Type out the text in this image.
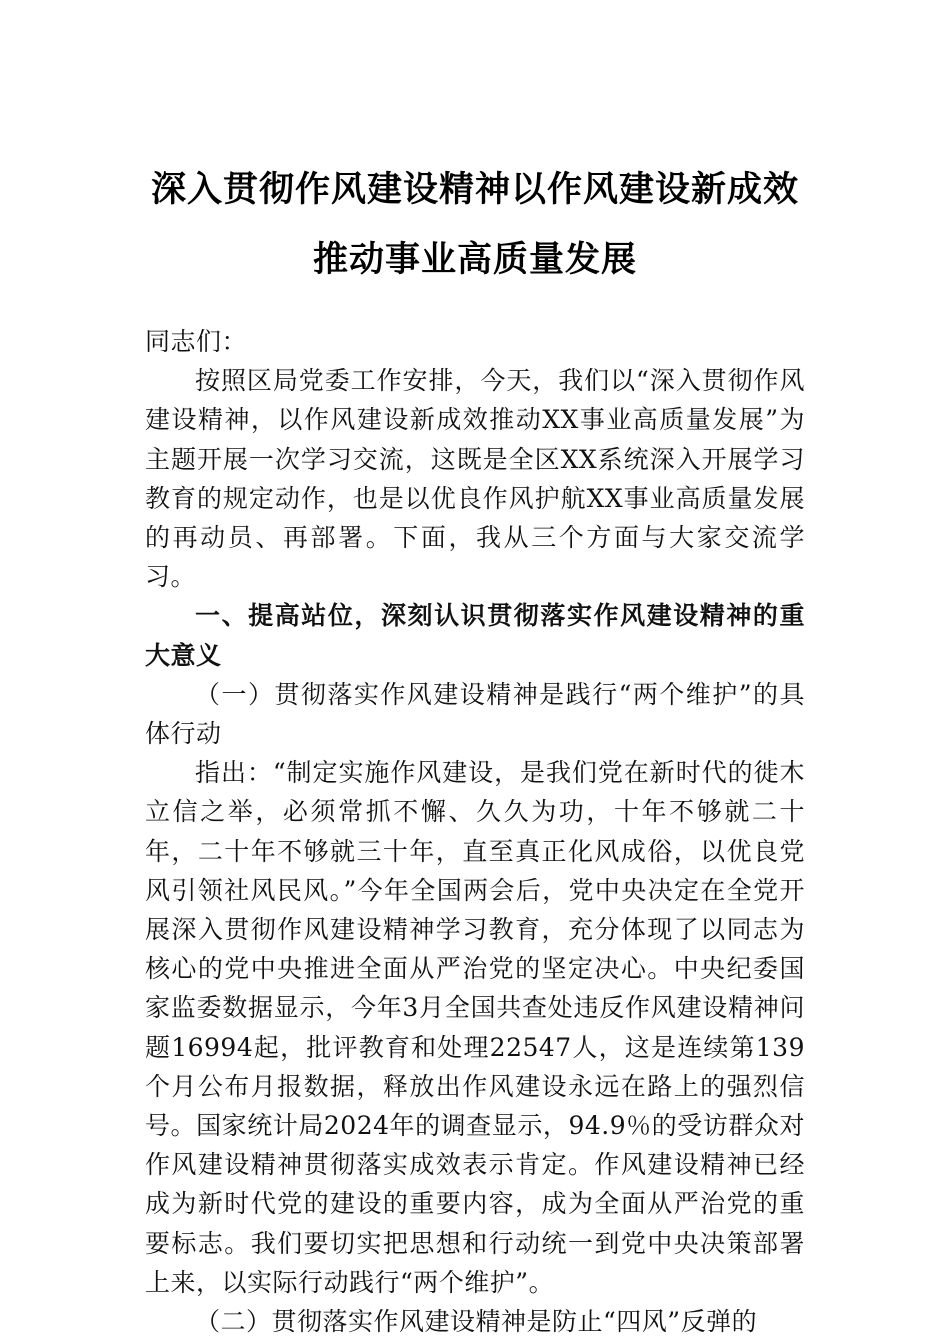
深入贯彻作风建设精神以作风建设新成效
推动事业高质量发展

同志们：

按照区局党委工作安排，今天，我们以“深入贯彻作风建设精神，以作风建设新成效推动XX事业高质量发展”为主题开展一次学习交流，这既是全区XX系统深入开展学习教育的规定动作，也是以优良作风护航XX事业高质量发展的再动员、再部署。下面，我从三个方面与大家交流学习。

一、提高站位，深刻认识贯彻落实作风建设精神的重大意义

（一）贯彻落实作风建设精神是践行“两个维护”的具体行动

指出：“制定实施作风建设，是我们党在新时代的徙木立信之举，必须常抓不懈、久久为功，十年不够就二十年，二十年不够就三十年，直至真正化风成俗，以优良党风引领社风民风。”今年全国两会后，党中央决定在全党开展深入贯彻作风建设精神学习教育，充分体现了以同志为核心的党中央推进全面从严治党的坚定决心。中央纪委国家监委数据显示，今年3月全国共查处违反作风建设精神问题16994起，批评教育和处理22547人，这是连续第139个月公布月报数据，释放出作风建设永远在路上的强烈信号。国家统计局2024年的调查显示，94.9％的受访群众对作风建设精神贯彻落实成效表示肯定。作风建设精神已经成为新时代党的建设的重要内容，成为全面从严治党的重要标志。我们要切实把思想和行动统一到党中央决策部署上来，以实际行动践行“两个维护”。

（二）贯彻落实作风建设精神是防止“四风”反弹的
